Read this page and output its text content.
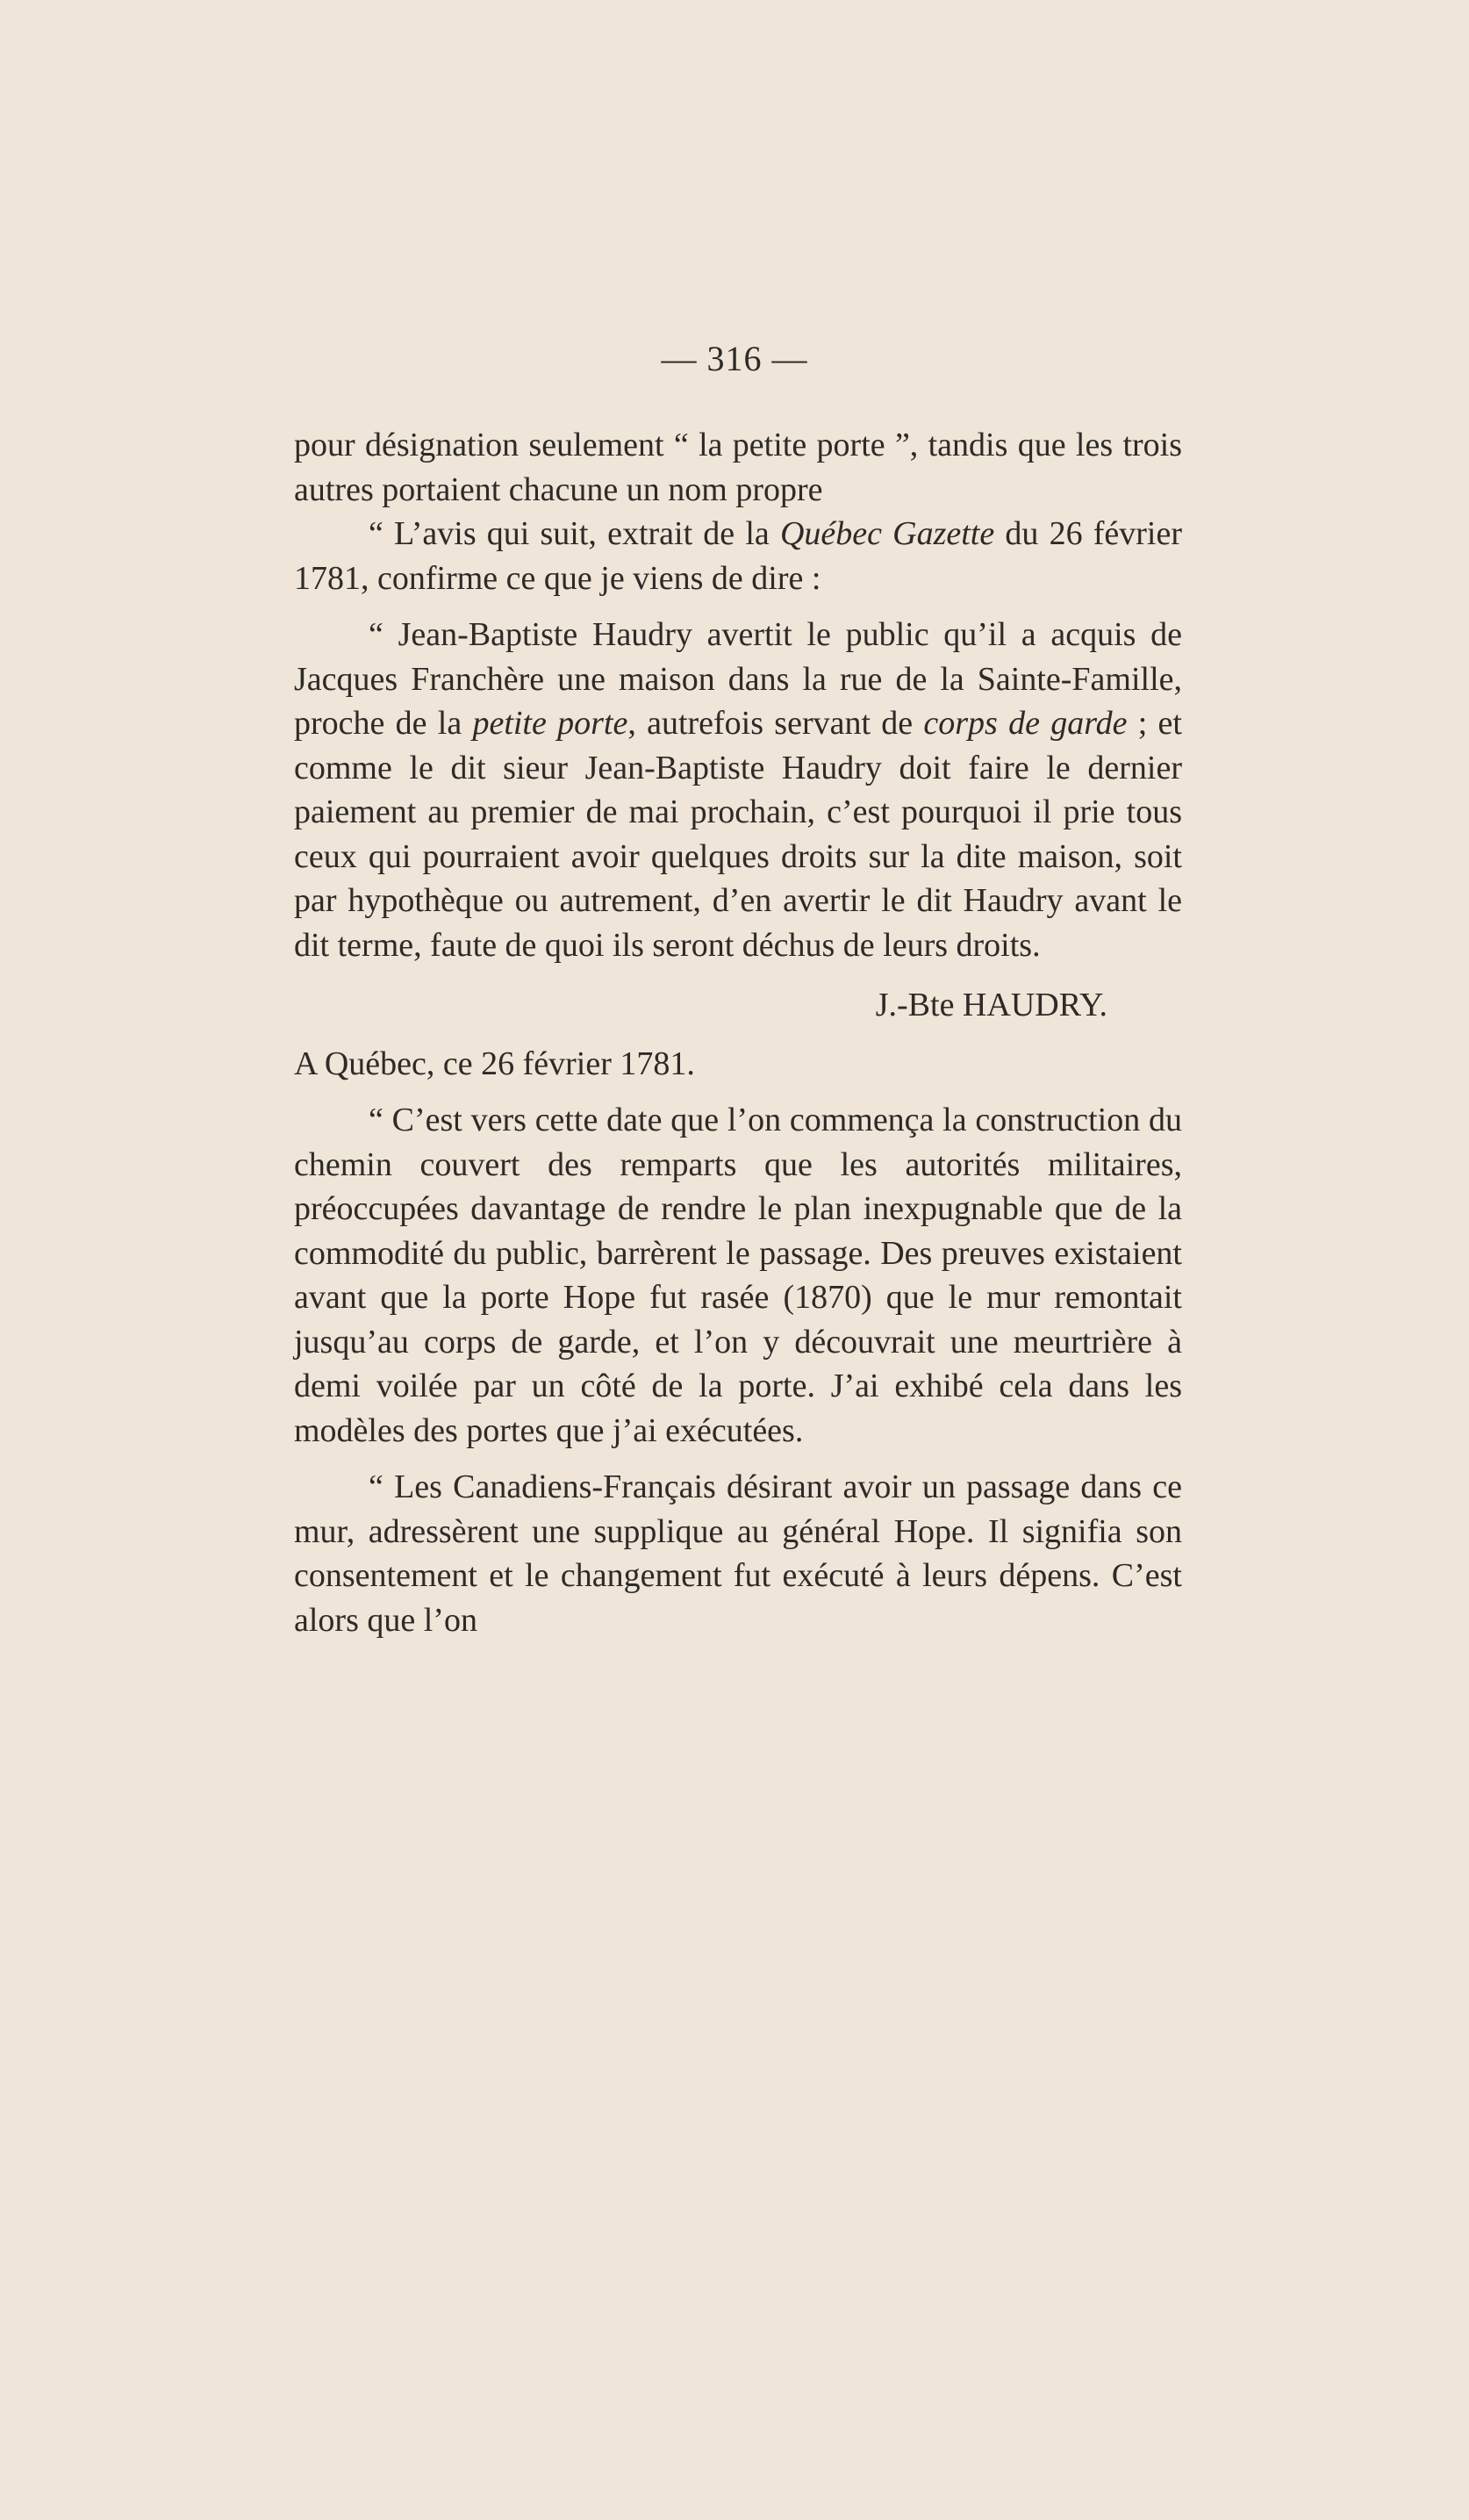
— 316 —

pour désignation seulement “ la petite porte ”, tandis que les trois autres portaient chacune un nom propre

“ L’avis qui suit, extrait de la Québec Gazette du 26 février 1781, confirme ce que je viens de dire :

“ Jean-Baptiste Haudry avertit le public qu’il a acquis de Jacques Franchère une maison dans la rue de la Sainte-Famille, proche de la petite porte, autrefois servant de corps de garde ; et comme le dit sieur Jean-Baptiste Haudry doit faire le dernier paiement au premier de mai prochain, c’est pourquoi il prie tous ceux qui pourraient avoir quelques droits sur la dite maison, soit par hypothèque ou autrement, d’en avertir le dit Haudry avant le dit terme, faute de quoi ils seront déchus de leurs droits.

J.-Bte HAUDRY.

A Québec, ce 26 février 1781.

“ C’est vers cette date que l’on commença la construction du chemin couvert des remparts que les autorités militaires, préoccupées davantage de rendre le plan inexpugnable que de la commodité du public, barrèrent le passage. Des preuves existaient avant que la porte Hope fut rasée (1870) que le mur remontait jusqu’au corps de garde, et l’on y découvrait une meurtrière à demi voilée par un côté de la porte. J’ai exhibé cela dans les modèles des portes que j’ai exécutées.

“ Les Canadiens-Français désirant avoir un passage dans ce mur, adressèrent une supplique au général Hope. Il signifia son consentement et le changement fut exécuté à leurs dépens. C’est alors que l’on
